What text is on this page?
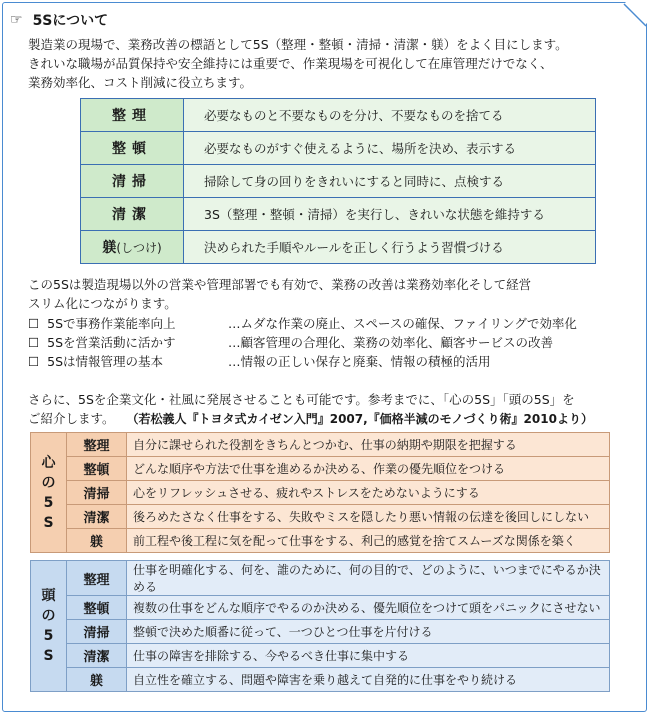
☞ 5Sについて
製造業の現場で、業務改善の標語として5S（整理・整頓・清掃・清潔・躾）をよく目にします。
きれいな職場が品質保持や安全維持には重要で、作業現場を可視化して在庫管理だけでなく、
業務効率化、コスト削減に役立ちます。
整理	必要なものと不要なものを分け、不要なものを捨てる
整頓	必要なものがすぐ使えるように、場所を決め、表示する
清掃	掃除して身の回りをきれいにすると同時に、点検する
清潔	3S（整理・整頓・清掃）を実行し、きれいな状態を維持する
躾(しつけ)	決められた手順やルールを正しく行うよう習慣づける
この5Sは製造現場以外の営業や管理部署でも有効で、業務の改善は業務効率化そして経営
スリム化につながります。
☐ 5Sで事務作業能率向上	…ムダな作業の廃止、スペースの確保、ファイリングで効率化
☐ 5Sを営業活動に活かす	…顧客管理の合理化、業務の効率化、顧客サービスの改善
☐ 5Sは情報管理の基本	…情報の正しい保存と廃棄、情報の積極的活用
さらに、5Sを企業文化・社風に発展させることも可能です。参考までに、「心の5S」「頭の5S」を
ご紹介します。 （若松義人『トヨタ式カイゼン入門』2007,『価格半減のモノづくり術』2010より）
心
の
5
S	整理	自分に課せられた役割をきちんとつかむ、仕事の納期や期限を把握する
	整頓	どんな順序や方法で仕事を進めるか決める、作業の優先順位をつける
	清掃	心をリフレッシュさせる、疲れやストレスをためないようにする
	清潔	後ろめたさなく仕事をする、失敗やミスを隠したり悪い情報の伝達を後回しにしない
	躾	前工程や後工程に気を配って仕事をする、利己的感覚を捨てスムーズな関係を築く
頭
の
5
S	整理	仕事を明確化する、何を、誰のために、何の目的で、どのように、いつまでにやるか決める
	整頓	複数の仕事をどんな順序でやるのか決める、優先順位をつけて頭をパニックにさせない
	清掃	整頓で決めた順番に従って、一つひとつ仕事を片付ける
	清潔	仕事の障害を排除する、今やるべき仕事に集中する
	躾	自立性を確立する、問題や障害を乗り越えて自発的に仕事をやり続ける
